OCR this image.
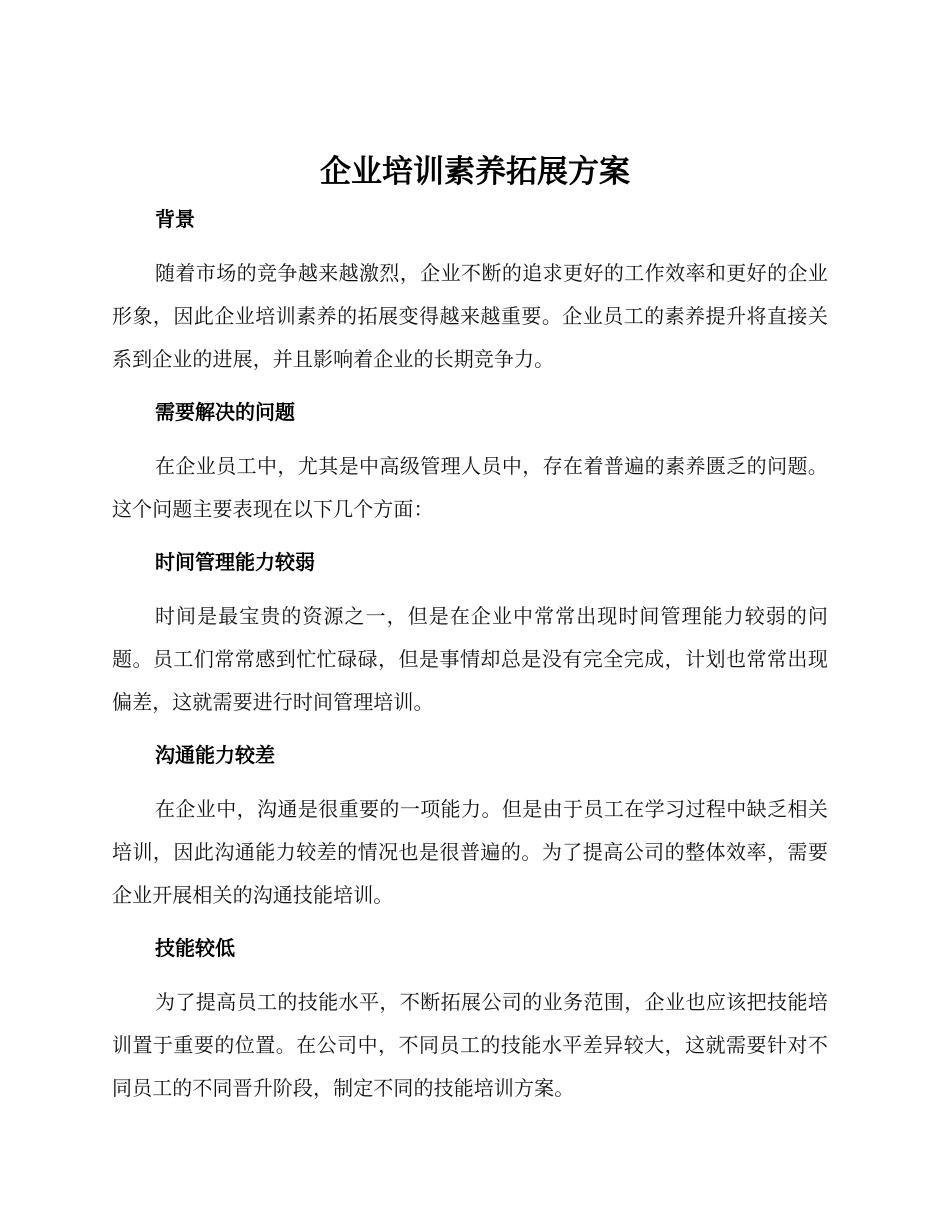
企业培训素养拓展方案
背景

随着市场的竞争越来越激烈，企业不断的追求更好的工作效率和更好的企业形象，因此企业培训素养的拓展变得越来越重要。企业员工的素养提升将直接关系到企业的进展，并且影响着企业的长期竞争力。

需要解决的问题

在企业员工中，尤其是中高级管理人员中，存在着普遍的素养匮乏的问题。这个问题主要表现在以下几个方面：

时间管理能力较弱

时间是最宝贵的资源之一，但是在企业中常常出现时间管理能力较弱的问题。员工们常常感到忙忙碌碌，但是事情却总是没有完全完成，计划也常常出现偏差，这就需要进行时间管理培训。

沟通能力较差

在企业中，沟通是很重要的一项能力。但是由于员工在学习过程中缺乏相关培训，因此沟通能力较差的情况也是很普遍的。为了提高公司的整体效率，需要企业开展相关的沟通技能培训。

技能较低

为了提高员工的技能水平，不断拓展公司的业务范围，企业也应该把技能培训置于重要的位置。在公司中，不同员工的技能水平差异较大，这就需要针对不同员工的不同晋升阶段，制定不同的技能培训方案。
